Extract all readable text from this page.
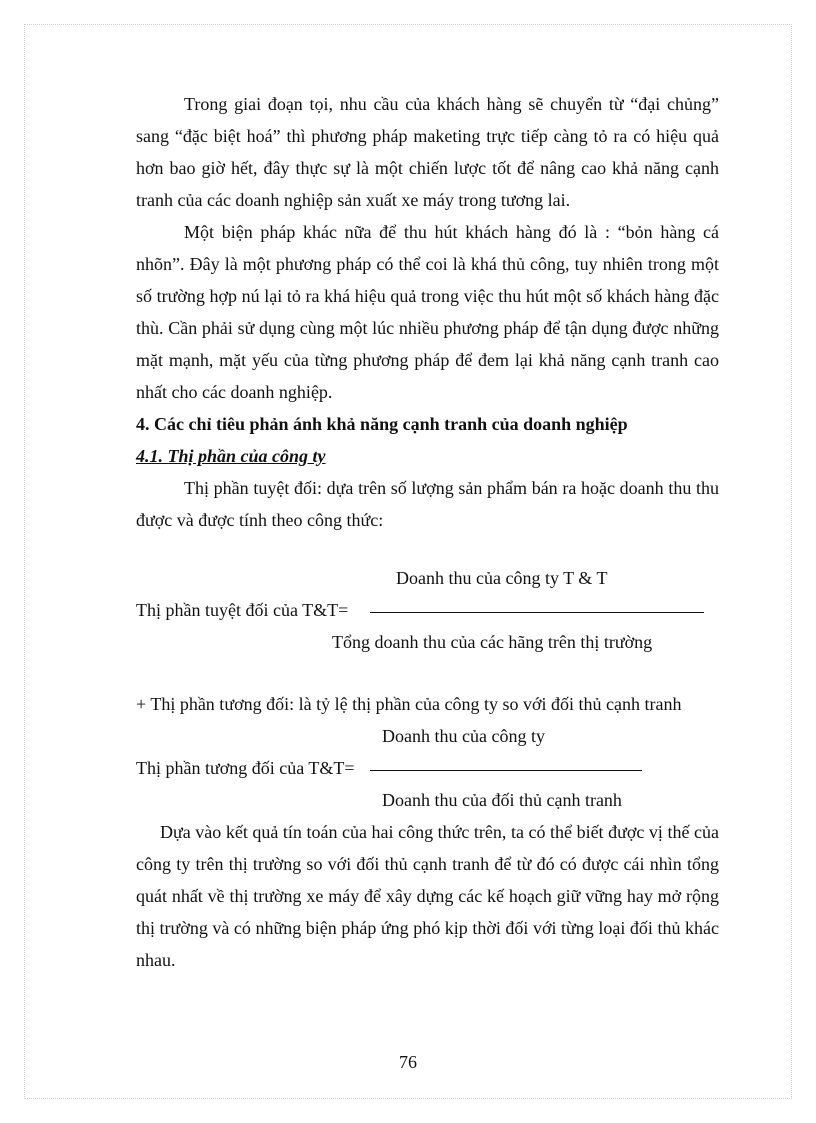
Trong giai đoạn tọi, nhu cầu của khách hàng sẽ chuyển từ “đại chủng” sang “đặc biệt hoá” thì phương pháp maketing trực tiếp càng tỏ ra có hiệu quả hơn bao giờ hết, đây thực sự là một chiến lược tốt để nâng cao khả năng cạnh tranh của các doanh nghiệp sản xuất xe máy trong tương lai.

Một biện pháp khác nữa để thu hút khách hàng đó là : “bỏn hàng cá nhõn”. Đây là một phương pháp có thể coi là khá thủ công, tuy nhiên trong một số trường hợp nú lại tỏ ra khá hiệu quả trong việc thu hút một số khách hàng đặc thù. Cần phải sử dụng cùng một lúc nhiều phương pháp để tận dụng được những mặt mạnh, mặt yếu của từng phương pháp để đem lại khả năng cạnh tranh cao nhất cho các doanh nghiệp.

4. Các chỉ tiêu phản ánh khả năng cạnh tranh của doanh nghiệp

4.1. Thị phần của công ty

Thị phần tuyệt đối: dựa trên số lượng sản phẩm bán ra hoặc doanh thu thu được và được tính theo công thức:

Doanh thu của công ty T & T
Thị phần tuyệt đối của T&T=
Tổng doanh thu của các hãng trên thị trường

+ Thị phần tương đối: là tỷ lệ thị phần của công ty so với đối thủ cạnh tranh

Doanh thu của công ty
Thị phần tương đối của T&T=
Doanh thu của đối thủ cạnh tranh

Dựa vào kết quả tín toán của hai công thức trên, ta có thể biết được vị thế của công ty trên thị trường so với đối thủ cạnh tranh để từ đó có được cái nhìn tổng quát nhất về thị trường xe máy để xây dựng các kế hoạch giữ vững hay mở rộng thị trường và có những biện pháp ứng phó kịp thời đối với từng loại đối thủ khác nhau.

76
